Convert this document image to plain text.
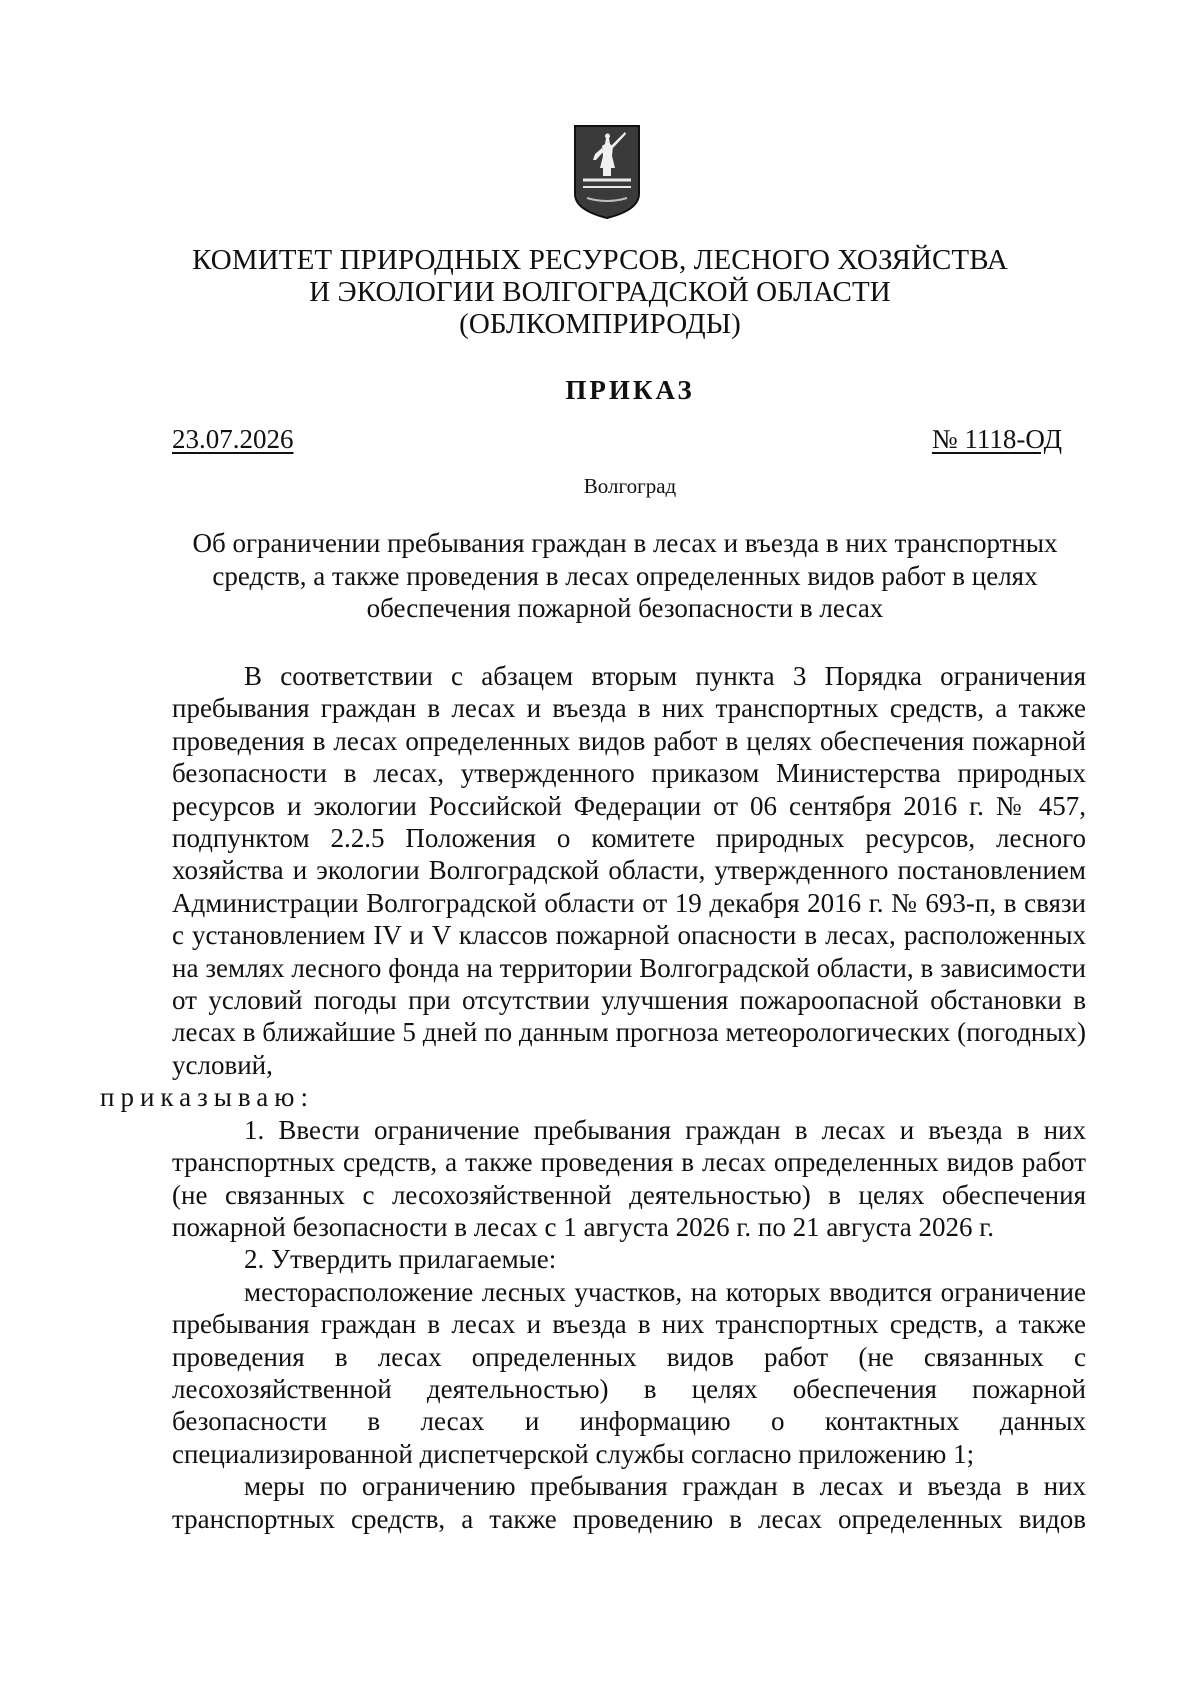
КОМИТЕТ ПРИРОДНЫХ РЕСУРСОВ, ЛЕСНОГО ХОЗЯЙСТВА
И ЭКОЛОГИИ ВОЛГОГРАДСКОЙ ОБЛАСТИ
(ОБЛКОМПРИРОДЫ)
ПРИКАЗ
23.07.2026	№ 1118-ОД
Волгоград
Об ограничении пребывания граждан в лесах и въезда в них транспортных средств, а также проведения в лесах определенных видов работ в целях обеспечения пожарной безопасности в лесах

В соответствии с абзацем вторым пункта 3 Порядка ограничения пребывания граждан в лесах и въезда в них транспортных средств, а также проведения в лесах определенных видов работ в целях обеспечения пожарной безопасности в лесах, утвержденного приказом Министерства природных ресурсов и экологии Российской Федерации от 06 сентября 2016 г. № 457, подпунктом 2.2.5 Положения о комитете природных ресурсов, лесного хозяйства и экологии Волгоградской области, утвержденного постановлением Администрации Волгоградской области от 19 декабря 2016 г. № 693-п, в связи с установлением IV и V классов пожарной опасности в лесах, расположенных на землях лесного фонда на территории Волгоградской области, в зависимости от условий погоды при отсутствии улучшения пожароопасной обстановки в лесах в ближайшие 5 дней по данным прогноза метеорологических (погодных) условий,
приказываю:

1. Ввести ограничение пребывания граждан в лесах и въезда в них транспортных средств, а также проведения в лесах определенных видов работ (не связанных с лесохозяйственной деятельностью) в целях обеспечения пожарной безопасности в лесах с 1 августа 2026 г. по 21 августа 2026 г.

2. Утвердить прилагаемые:

месторасположение лесных участков, на которых вводится ограничение пребывания граждан в лесах и въезда в них транспортных средств, а также проведения в лесах определенных видов работ (не связанных с лесохозяйственной деятельностью) в целях обеспечения пожарной безопасности в лесах и информацию о контактных данных специализированной диспетчерской службы согласно приложению 1;

меры по ограничению пребывания граждан в лесах и въезда в них транспортных средств, а также проведению в лесах определенных видов
